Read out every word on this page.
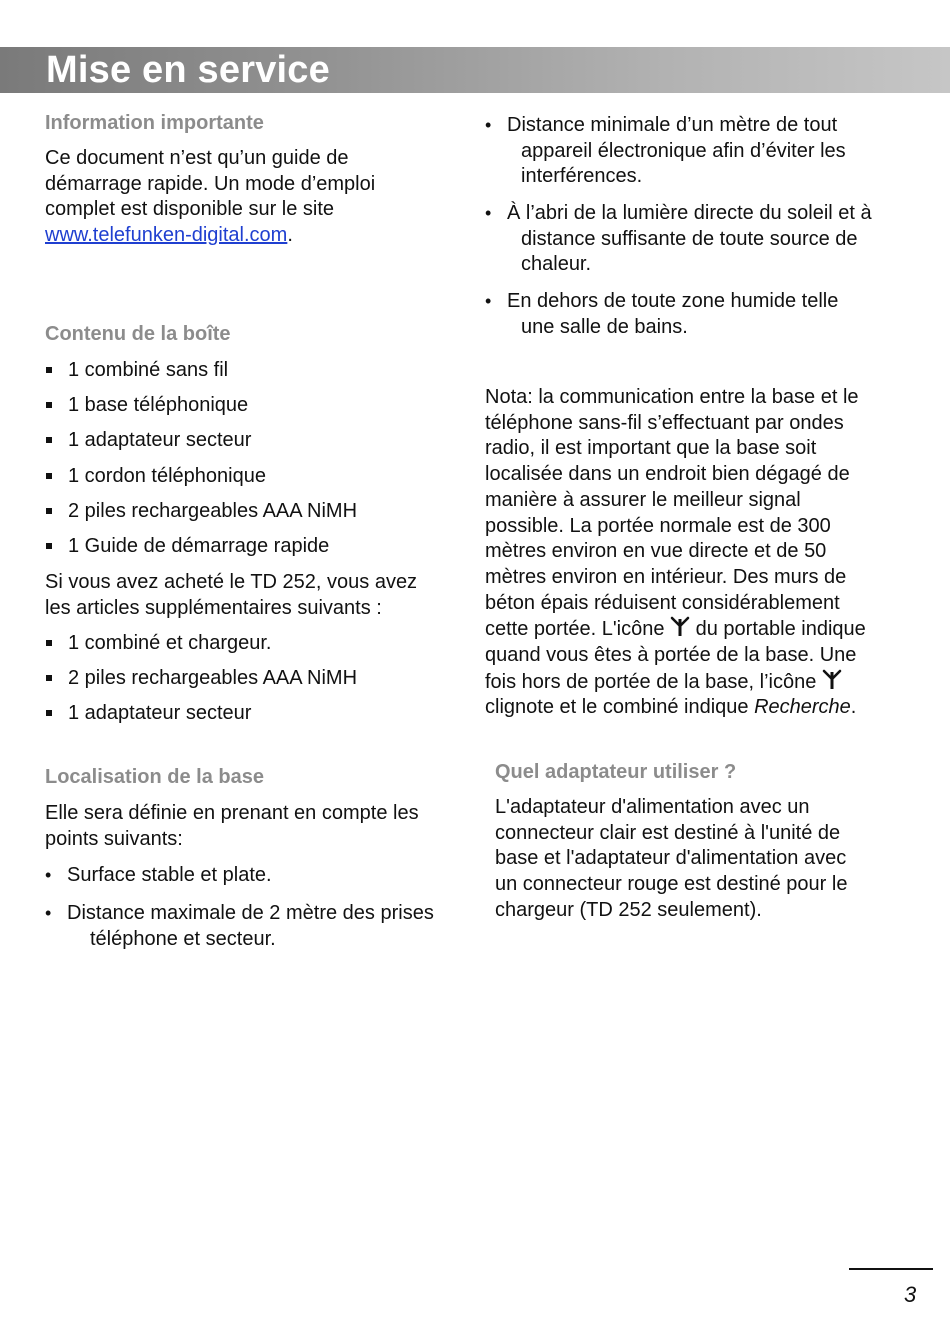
Mise en service
Information importante
Ce document n’est qu’un guide de
démarrage rapide. Un mode d’emploi
complet est disponible sur le site
www.telefunken-digital.com.
Contenu de la boîte
1 combiné sans fil
1 base téléphonique
1 adaptateur secteur
1 cordon téléphonique
2 piles rechargeables AAA NiMH
1 Guide de démarrage rapide
Si vous avez acheté le TD 252, vous avez
les articles supplémentaires suivants :
1 combiné et chargeur.
2 piles rechargeables AAA NiMH
1 adaptateur secteur
Localisation de la base
Elle sera définie en prenant en compte les
points suivants:
• Surface stable et plate.
• Distance maximale de 2 mètre des prises
téléphone et secteur.
• Distance minimale d’un mètre de tout
appareil électronique afin d’éviter les
interférences.
• À l’abri de la lumière directe du soleil et à
distance suffisante de toute source de
chaleur.
• En dehors de toute zone humide telle
une salle de bains.
Nota: la communication entre la base et le
téléphone sans-fil s’effectuant par ondes
radio, il est important que la base soit
localisée dans un endroit bien dégagé de
manière à assurer le meilleur signal
possible. La portée normale est de 300
mètres environ en vue directe et de 50
mètres environ en intérieur. Des murs de
béton épais réduisent considérablement
cette portée. L'icône du portable indique
quand vous êtes à portée de la base. Une
fois hors de portée de la base, l’icône
clignote et le combiné indique Recherche.
Quel adaptateur utiliser ?
L'adaptateur d'alimentation avec un
connecteur clair est destiné à l'unité de
base et l'adaptateur d'alimentation avec
un connecteur rouge est destiné pour le
chargeur (TD 252 seulement).
3
